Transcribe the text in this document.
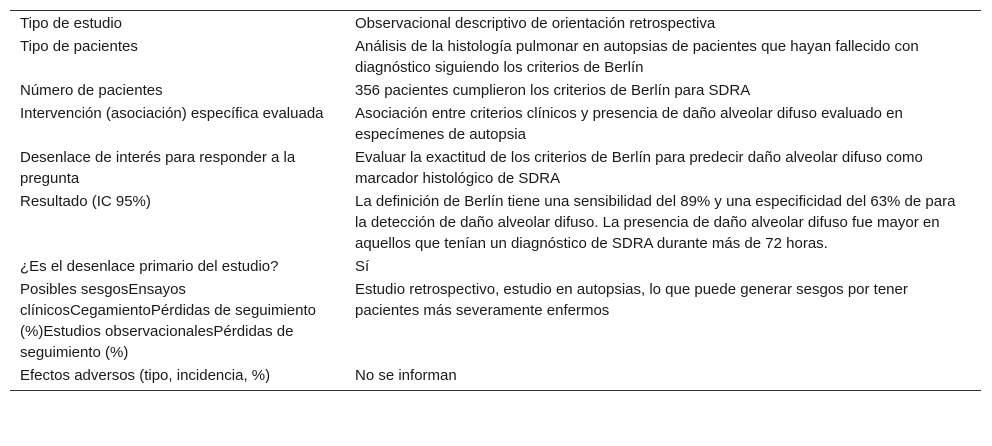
Tipo de estudio	Observacional descriptivo de orientación retrospectiva
Tipo de pacientes	Análisis de la histología pulmonar en autopsias de pacientes que hayan fallecido con diagnóstico siguiendo los criterios de Berlín
Número de pacientes	356 pacientes cumplieron los criterios de Berlín para SDRA
Intervención (asociación) específica evaluada	Asociación entre criterios clínicos y presencia de daño alveolar difuso evaluado en especímenes de autopsia
Desenlace de interés para responder a la pregunta	Evaluar la exactitud de los criterios de Berlín para predecir daño alveolar difuso como marcador histológico de SDRA
Resultado (IC 95%)	La definición de Berlín tiene una sensibilidad del 89% y una especificidad del 63% de para la detección de daño alveolar difuso. La presencia de daño alveolar difuso fue mayor en aquellos que tenían un diagnóstico de SDRA durante más de 72 horas.
¿Es el desenlace primario del estudio?	Sí
Posibles sesgosEnsayos clínicosCegamientoPérdidas de seguimiento (%)Estudios observacionalesPérdidas de seguimiento (%)	Estudio retrospectivo, estudio en autopsias, lo que puede generar sesgos por tener pacientes más severamente enfermos
Efectos adversos (tipo, incidencia, %)	No se informan
